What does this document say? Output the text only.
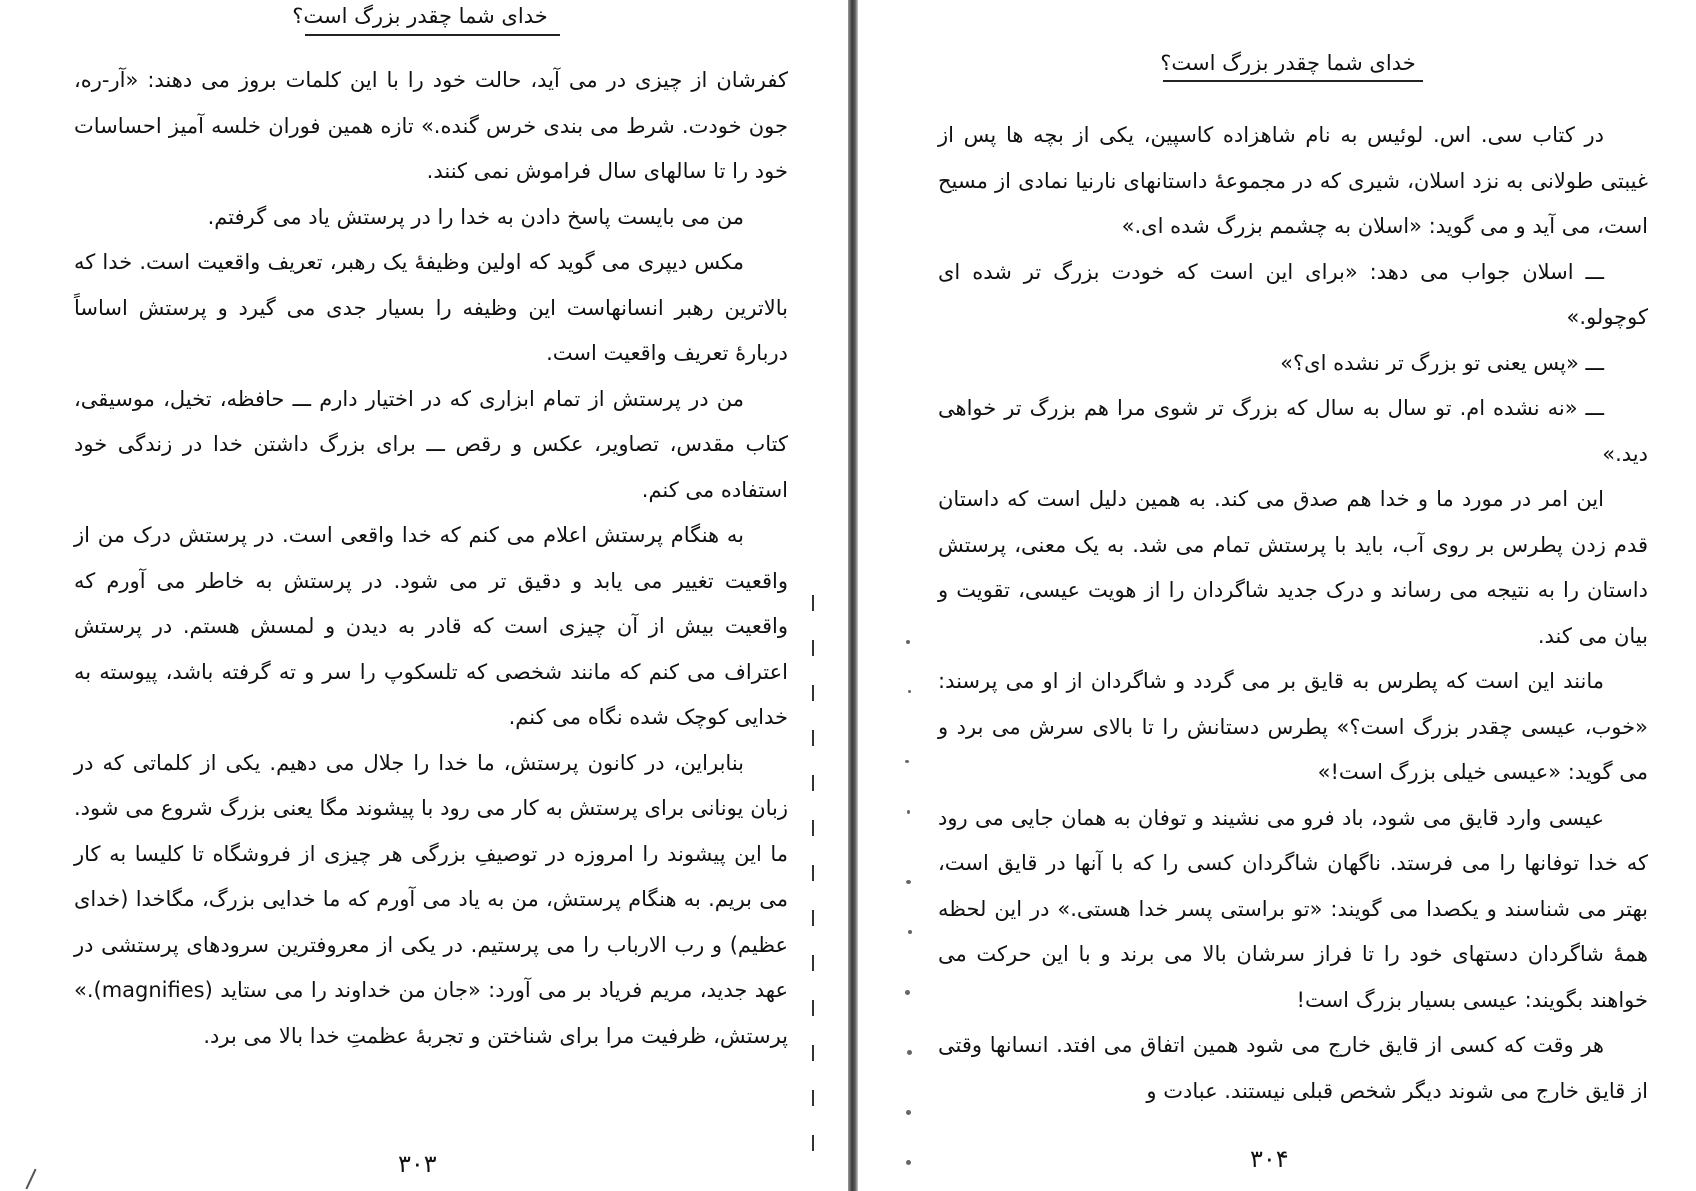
خدای شما چقدر بزرگ است؟

کفرشان از چیزی در می آید، حالت خود را با این کلمات بروز می دهند: «آر-ره، جون خودت. شرط می بندی خرس گنده.» تازه همین فوران خلسه آمیز احساسات خود را تا سالهای سال فراموش نمی کنند.

من می بایست پاسخ دادن به خدا را در پرستش یاد می گرفتم.

مکس دیپری می گوید که اولین وظیفهٔ یک رهبر، تعریف واقعیت است. خدا که بالاترین رهبر انسانهاست این وظیفه را بسیار جدی می گیرد و پرستش اساساً دربارهٔ تعریف واقعیت است.

من در پرستش از تمام ابزاری که در اختیار دارم ـــ حافظه، تخیل، موسیقی، کتاب مقدس، تصاویر، عکس و رقص ـــ برای بزرگ داشتن خدا در زندگی خود استفاده می کنم.

به هنگام پرستش اعلام می کنم که خدا واقعی است. در پرستش درک من از واقعیت تغییر می یابد و دقیق تر می شود. در پرستش به خاطر می آورم که واقعیت بیش از آن چیزی است که قادر به دیدن و لمسش هستم. در پرستش اعتراف می کنم که مانند شخصی که تلسکوپ را سر و ته گرفته باشد، پیوسته به خدایی کوچک شده نگاه می کنم.

بنابراین، در کانون پرستش، ما خدا را جلال می دهیم. یکی از کلماتی که در زبان یونانی برای پرستش به کار می رود با پیشوند مگا یعنی بزرگ شروع می شود. ما این پیشوند را امروزه در توصیفِ بزرگی هر چیزی از فروشگاه تا کلیسا به کار می بریم. به هنگام پرستش، من به یاد می آورم که ما خدایی بزرگ، مگاخدا (خدای عظیم) و رب الارباب را می پرستیم. در یکی از معروفترین سرودهای پرستشی در عهد جدید، مریم فریاد بر می آورد: «جان من خداوند را می ستاید (magnifies).» پرستش، ظرفیت مرا برای شناختن و تجربهٔ عظمتِ خدا بالا می برد.

۳۰۳
خدای شما چقدر بزرگ است؟

در کتاب سی. اس. لوئیس به نام شاهزاده کاسپین، یکی از بچه ها پس از غیبتی طولانی به نزد اسلان، شیری که در مجموعهٔ داستانهای نارنیا نمادی از مسیح است، می آید و می گوید: «اسلان به چشمم بزرگ شده ای.»

ـــ اسلان جواب می دهد: «برای این است که خودت بزرگ تر شده ای کوچولو.»

ـــ «پس یعنی تو بزرگ تر نشده ای؟»

ـــ «نه نشده ام. تو سال به سال که بزرگ تر شوی مرا هم بزرگ تر خواهی دید.»

این امر در مورد ما و خدا هم صدق می کند. به همین دلیل است که داستان قدم زدن پطرس بر روی آب، باید با پرستش تمام می شد. به یک معنی، پرستش داستان را به نتیجه می رساند و درک جدید شاگردان را از هویت عیسی، تقویت و بیان می کند.

مانند این است که پطرس به قایق بر می گردد و شاگردان از او می پرسند: «خوب، عیسی چقدر بزرگ است؟» پطرس دستانش را تا بالای سرش می برد و می گوید: «عیسی خیلی بزرگ است!»

عیسی وارد قایق می شود، باد فرو می نشیند و توفان به همان جایی می رود که خدا توفانها را می فرستد. ناگهان شاگردان کسی را که با آنها در قایق است، بهتر می شناسند و یکصدا می گویند: «تو براستی پسر خدا هستی.» در این لحظه همهٔ شاگردان دستهای خود را تا فراز سرشان بالا می برند و با این حرکت می خواهند بگویند: عیسی بسیار بزرگ است!

هر وقت که کسی از قایق خارج می شود همین اتفاق می افتد. انسانها وقتی از قایق خارج می شوند دیگر شخص قبلی نیستند. عبادت و

۳۰۴
